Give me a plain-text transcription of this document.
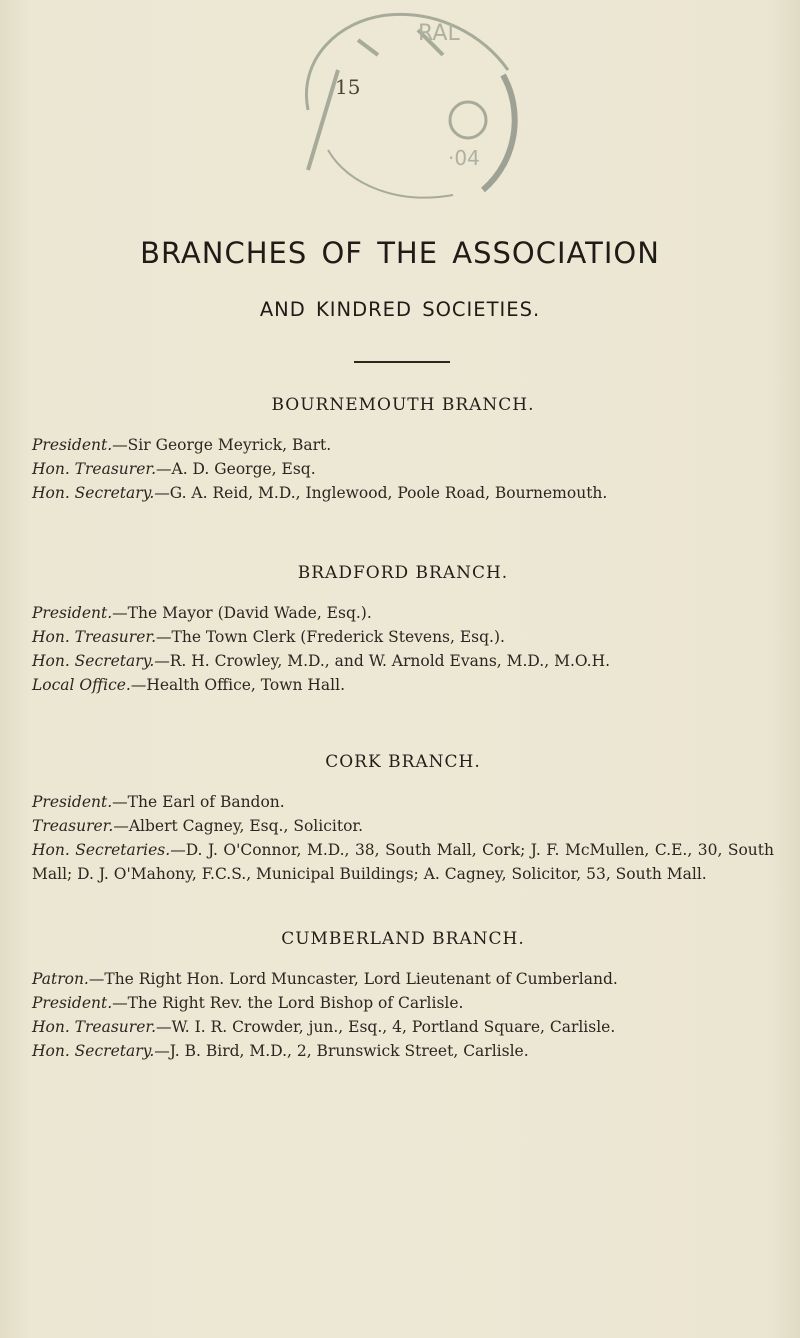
RAL
·04
15
BRANCHES OF THE ASSOCIATION
AND KINDRED SOCIETIES.
BOURNEMOUTH BRANCH.

President.—Sir George Meyrick, Bart.

Hon. Treasurer.—A. D. George, Esq.

Hon. Secretary.—G. A. Reid, M.D., Inglewood, Poole Road, Bournemouth.

BRADFORD BRANCH.

President.—The Mayor (David Wade, Esq.).

Hon. Treasurer.—The Town Clerk (Frederick Stevens, Esq.).

Hon. Secretary.—R. H. Crowley, M.D., and W. Arnold Evans, M.D., M.O.H.

Local Office.—Health Office, Town Hall.

CORK BRANCH.

President.—The Earl of Bandon.

Treasurer.—Albert Cagney, Esq., Solicitor.

Hon. Secretaries.—D. J. O'Connor, M.D., 38, South Mall, Cork; J. F. McMullen, C.E., 30, South Mall; D. J. O'Mahony, F.C.S., Municipal Buildings; A. Cagney, Solicitor, 53, South Mall.

CUMBERLAND BRANCH.

Patron.—The Right Hon. Lord Muncaster, Lord Lieutenant of Cumberland.

President.—The Right Rev. the Lord Bishop of Carlisle.

Hon. Treasurer.—W. I. R. Crowder, jun., Esq., 4, Portland Square, Carlisle.

Hon. Secretary.—J. B. Bird, M.D., 2, Brunswick Street, Carlisle.
